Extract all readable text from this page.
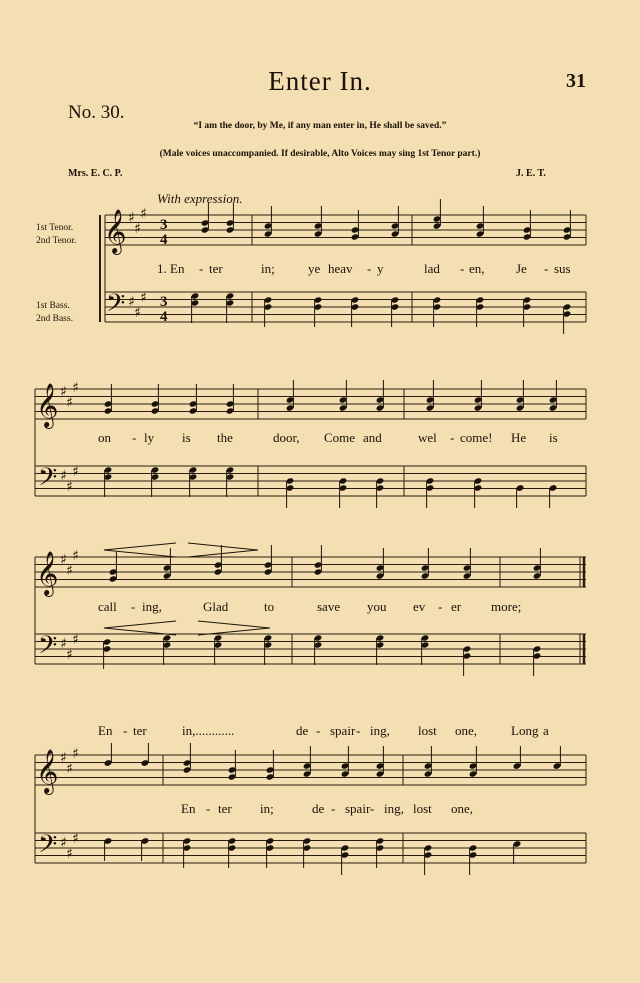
Enter In.	31
No. 30.
“I am the door, by Me, if any man enter in, He shall be saved.”
(Male voices unaccompanied. If desirable, Alto Voices may sing 1st Tenor part.)
Mrs. E. C. P.	J. E. T.
With expression.
1st Tenor.
2nd Tenor.
1st Bass.
2nd Bass.
𝄞
𝄢
♯
♯
♯
♯
♯
♯
3
4
3
4
𝄞
𝄢
♯
♯
♯
♯
♯
♯
𝄞
𝄢
♯
♯
♯
♯
♯
♯
𝄞
𝄢
♯
♯
♯
♯
♯
♯
1. En - ter	in;	ye heav - y	lad - en, Je - sus
on - ly is the	door, Come and	wel - come! He is
call - ing,	Glad	to	save you ev - er more;
En - ter	in,............	de - spair - ing, lost one,	Long a
En - ter in;	de - spair - ing, lost one,
